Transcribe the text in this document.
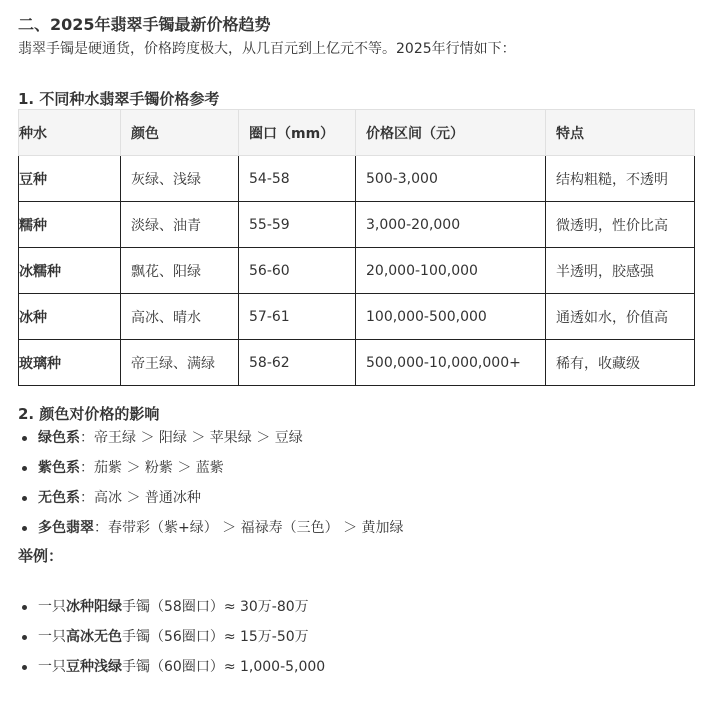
二、2025年翡翠手镯最新价格趋势
翡翠手镯是硬通货，价格跨度极大，从几百元到上亿元不等。2025年行情如下：
1. 不同种水翡翠手镯价格参考
种水	颜色	圈口（mm）	价格区间（元）	特点
豆种	灰绿、浅绿	54-58	500-3,000	结构粗糙，不透明
糯种	淡绿、油青	55-59	3,000-20,000	微透明，性价比高
冰糯种	飘花、阳绿	56-60	20,000-100,000	半透明，胶感强
冰种	高冰、晴水	57-61	100,000-500,000	通透如水，价值高
玻璃种	帝王绿、满绿	58-62	500,000-10,000,000+	稀有，收藏级
2. 颜色对价格的影响
绿色系：帝王绿 ＞ 阳绿 ＞ 苹果绿 ＞ 豆绿
紫色系：茄紫 ＞ 粉紫 ＞ 蓝紫
无色系：高冰 ＞ 普通冰种
多色翡翠：春带彩（紫+绿） ＞ 福禄寿（三色） ＞ 黄加绿
举例：
一只冰种阳绿手镯（58圈口）≈ 30万-80万
一只高冰无色手镯（56圈口）≈ 15万-50万
一只豆种浅绿手镯（60圈口）≈ 1,000-5,000
